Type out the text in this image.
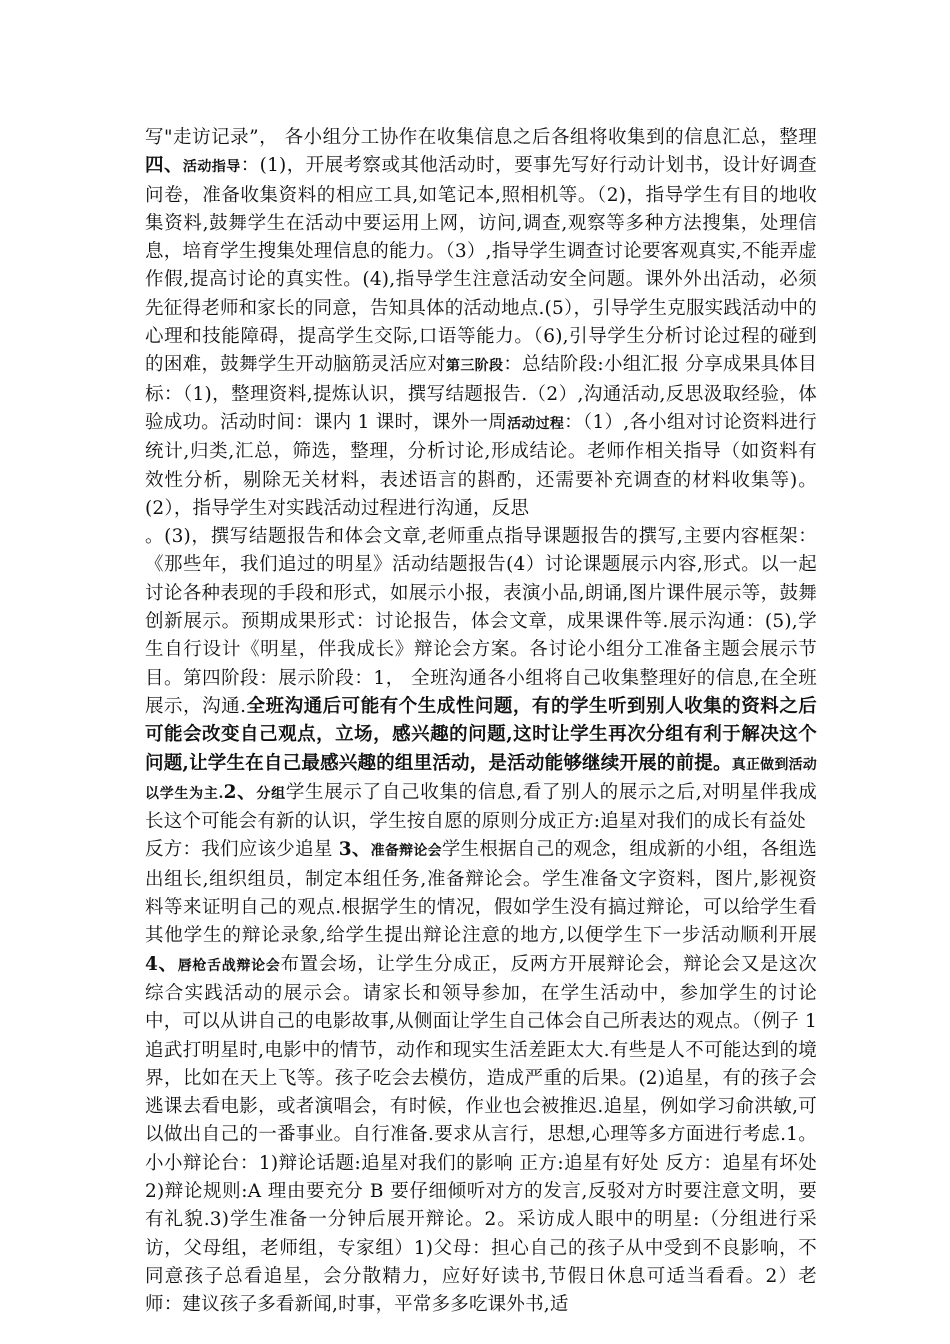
写"走访记录”， 各小组分工协作在收集信息之后各组将收集到的信息汇总，整理四、活动指导：(1)，开展考察或其他活动时，要事先写好行动计划书，设计好调查问卷，准备收集资料的相应工具,如笔记本,照相机等。（2)，指导学生有目的地收集资料,鼓舞学生在活动中要运用上网，访问,调查,观察等多种方法搜集，处理信息，培育学生搜集处理信息的能力。（3）,指导学生调查讨论要客观真实,不能弄虚作假,提高讨论的真实性。(4),指导学生注意活动安全问题。课外外出活动，必须先征得老师和家长的同意，告知具体的活动地点.(5），引导学生克服实践活动中的心理和技能障碍，提高学生交际,口语等能力。（6),引导学生分析讨论过程的碰到的困难，鼓舞学生开动脑筋灵活应对第三阶段：总结阶段:小组汇报 分享成果具体目标：（1)，整理资料,提炼认识，撰写结题报告.（2）,沟通活动,反思汲取经验，体验成功。活动时间：课内 1 课时，课外一周活动过程：（1）,各小组对讨论资料进行统计,归类,汇总，筛选，整理，分析讨论,形成结论。老师作相关指导（如资料有效性分析，剔除无关材料，表述语言的斟酌，还需要补充调查的材料收集等)。(2），指导学生对实践活动过程进行沟通，反思

。(3)，撰写结题报告和体会文章,老师重点指导课题报告的撰写,主要内容框架：《那些年，我们追过的明星》活动结题报告(4）讨论课题展示内容,形式。以一起讨论各种表现的手段和形式，如展示小报，表演小品,朗诵,图片课件展示等，鼓舞创新展示。预期成果形式：讨论报告，体会文章，成果课件等.展示沟通：(5),学生自行设计《明星，伴我成长》辩论会方案。各讨论小组分工准备主题会展示节目。第四阶段：展示阶段：1， 全班沟通各小组将自己收集整理好的信息,在全班展示，沟通.全班沟通后可能有个生成性问题，有的学生听到别人收集的资料之后可能会改变自己观点，立场，感兴趣的问题,这时让学生再次分组有利于解决这个问题,让学生在自己最感兴趣的组里活动，是活动能够继续开展的前提。真正做到活动以学生为主.2、分组学生展示了自己收集的信息,看了别人的展示之后,对明星伴我成长这个可能会有新的认识，学生按自愿的原则分成正方:追星对我们的成长有益处

反方：我们应该少追星 3、准备辩论会学生根据自己的观念，组成新的小组，各组选出组长,组织组员，制定本组任务,准备辩论会。学生准备文字资料，图片,影视资料等来证明自己的观点.根据学生的情况，假如学生没有搞过辩论，可以给学生看其他学生的辩论录象,给学生提出辩论注意的地方,以便学生下一步活动顺利开展 4、唇枪舌战辩论会布置会场，让学生分成正，反两方开展辩论会，辩论会又是这次综合实践活动的展示会。请家长和领导参加，在学生活动中，参加学生的讨论中，可以从讲自己的电影故事,从侧面让学生自己体会自己所表达的观点。（例子 1 追武打明星时,电影中的情节，动作和现实生活差距太大.有些是人不可能达到的境界，比如在天上飞等。孩子吃会去模仿，造成严重的后果。(2)追星，有的孩子会逃课去看电影，或者演唱会，有时候，作业也会被推迟.追星，例如学习俞洪敏,可以做出自己的一番事业。自行准备.要求从言行，思想,心理等多方面进行考虑.1。小小辩论台：1)辩论话题:追星对我们的影响 正方:追星有好处 反方：追星有坏处 2)辩论规则:A 理由要充分 B 要仔细倾听对方的发言,反驳对方时要注意文明，要有礼貌.3)学生准备一分钟后展开辩论。2。采访成人眼中的明星:（分组进行采访，父母组，老师组，专家组）1)父母：担心自己的孩子从中受到不良影响，不同意孩子总看追星，会分散精力，应好好读书,节假日休息可适当看看。2）老师：建议孩子多看新闻,时事，平常多多吃课外书,适
